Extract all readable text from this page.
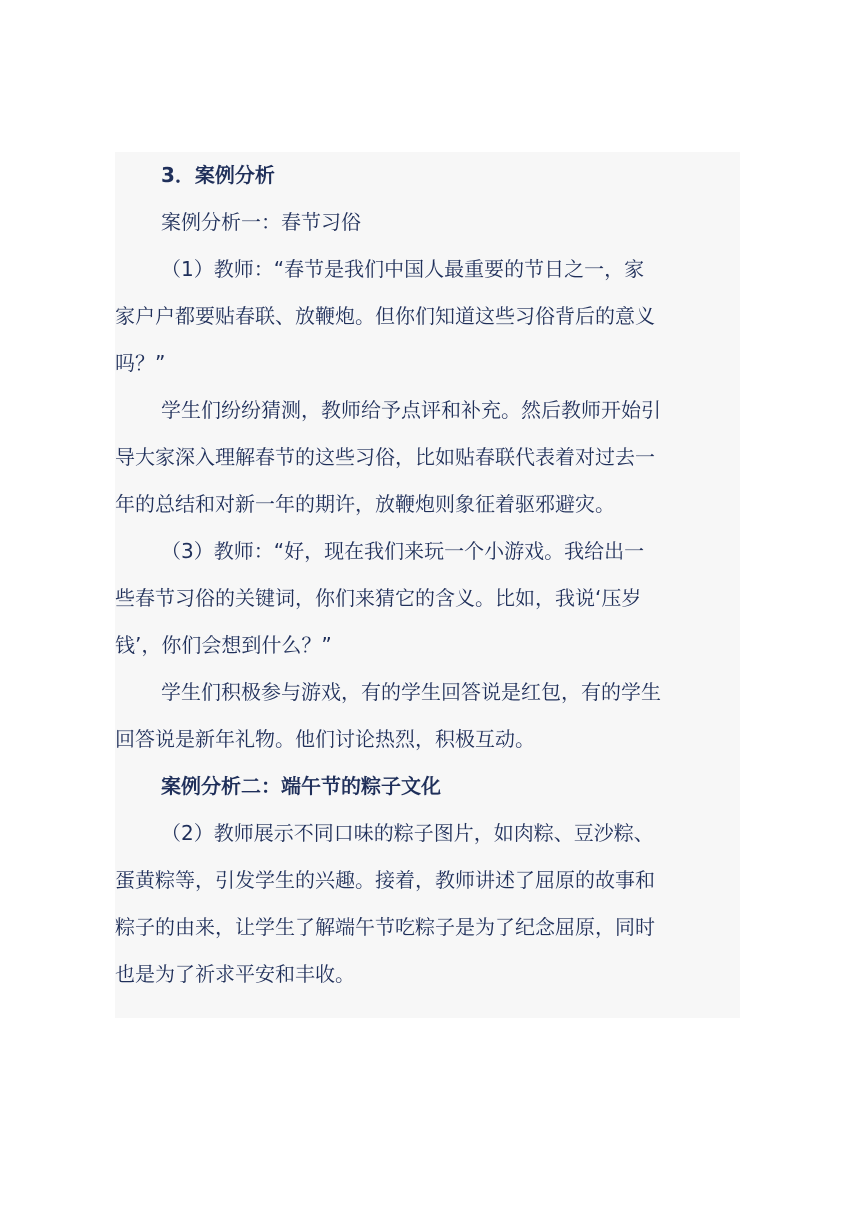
3．案例分析
案例分析一：春节习俗
（1）教师：“春节是我们中国人最重要的节日之一，家
家户户都要贴春联、放鞭炮。但你们知道这些习俗背后的意义
吗？”
学生们纷纷猜测，教师给予点评和补充。然后教师开始引
导大家深入理解春节的这些习俗，比如贴春联代表着对过去一
年的总结和对新一年的期许，放鞭炮则象征着驱邪避灾。
（3）教师：“好，现在我们来玩一个小游戏。我给出一
些春节习俗的关键词，你们来猜它的含义。比如，我说‘压岁
钱’，你们会想到什么？”
学生们积极参与游戏，有的学生回答说是红包，有的学生
回答说是新年礼物。他们讨论热烈，积极互动。
案例分析二：端午节的粽子文化
（2）教师展示不同口味的粽子图片，如肉粽、豆沙粽、
蛋黄粽等，引发学生的兴趣。接着，教师讲述了屈原的故事和
粽子的由来，让学生了解端午节吃粽子是为了纪念屈原，同时
也是为了祈求平安和丰收。
